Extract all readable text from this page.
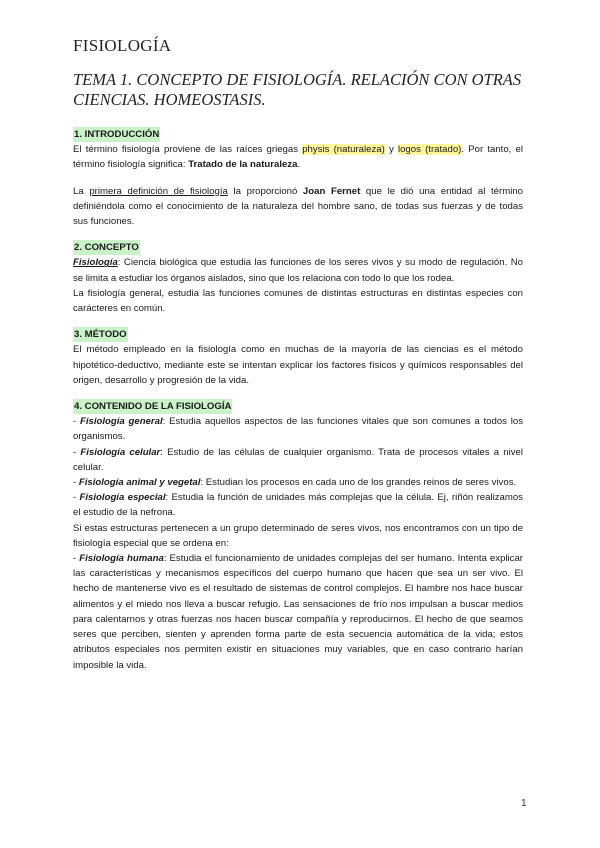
FISIOLOGÍA
TEMA 1. CONCEPTO DE FISIOLOGÍA. RELACIÓN CON OTRAS CIENCIAS. HOMEOSTASIS.
1. INTRODUCCIÓN

El término fisiología proviene de las raíces griegas physis (naturaleza) y logos (tratado). Por tanto, el término fisiología significa: Tratado de la naturaleza.

La primera definición de fisiología la proporcionó Joan Fernet que le dió una entidad al término definiéndola como el conocimiento de la naturaleza del hombre sano, de todas sus fuerzas y de todas sus funciones.

2. CONCEPTO

Fisiología: Ciencia biológica que estudia las funciones de los seres vivos y su modo de regulación. No se limita a estudiar los órganos aislados, sino que los relaciona con todo lo que los rodea.

La fisiología general, estudia las funciones comunes de distintas estructuras en distintas especies con carácteres en común.

3. MÉTODO

El método empleado en la fisiología como en muchas de la mayoría de las ciencias es el método hipotético-deductivo, mediante este se intentan explicar los factores físicos y químicos responsables del origen, desarrollo y progresión de la vida.

4. CONTENIDO DE LA FISIOLOGÍA

- Fisiología general: Estudia aquellos aspectos de las funciones vitales que son comunes a todos los organismos.

- Fisiología celular: Estudio de las células de cualquier organismo. Trata de procesos vitales a nivel celular.

- Fisiología animal y vegetal: Estudian los procesos en cada uno de los grandes reinos de seres vivos.

- Fisiología especial: Estudia la función de unidades más complejas que la célula. Ej, riñón realizamos el estudio de la nefrona.

Si estas estructuras pertenecen a un grupo determinado de seres vivos, nos encontramos con un tipo de fisiología especial que se ordena en:

- Fisiología humana: Estudia el funcionamiento de unidades complejas del ser humano. Intenta explicar las características y mecanismos específicos del cuerpo humano que hacen que sea un ser vivo. El hecho de mantenerse vivo es el resultado de sistemas de control complejos. El hambre nos hace buscar alimentos y el miedo nos lleva a buscar refugio. Las sensaciones de frío nos impulsan a buscar medios para calentarnos y otras fuerzas nos hacen buscar compañía y reproducirnos. El hecho de que seamos seres que perciben, sienten y aprenden forma parte de esta secuencia automática de la vida; estos atributos especiales nos permiten existir en situaciones muy variables, que en caso contrario harían imposible la vida.

1
